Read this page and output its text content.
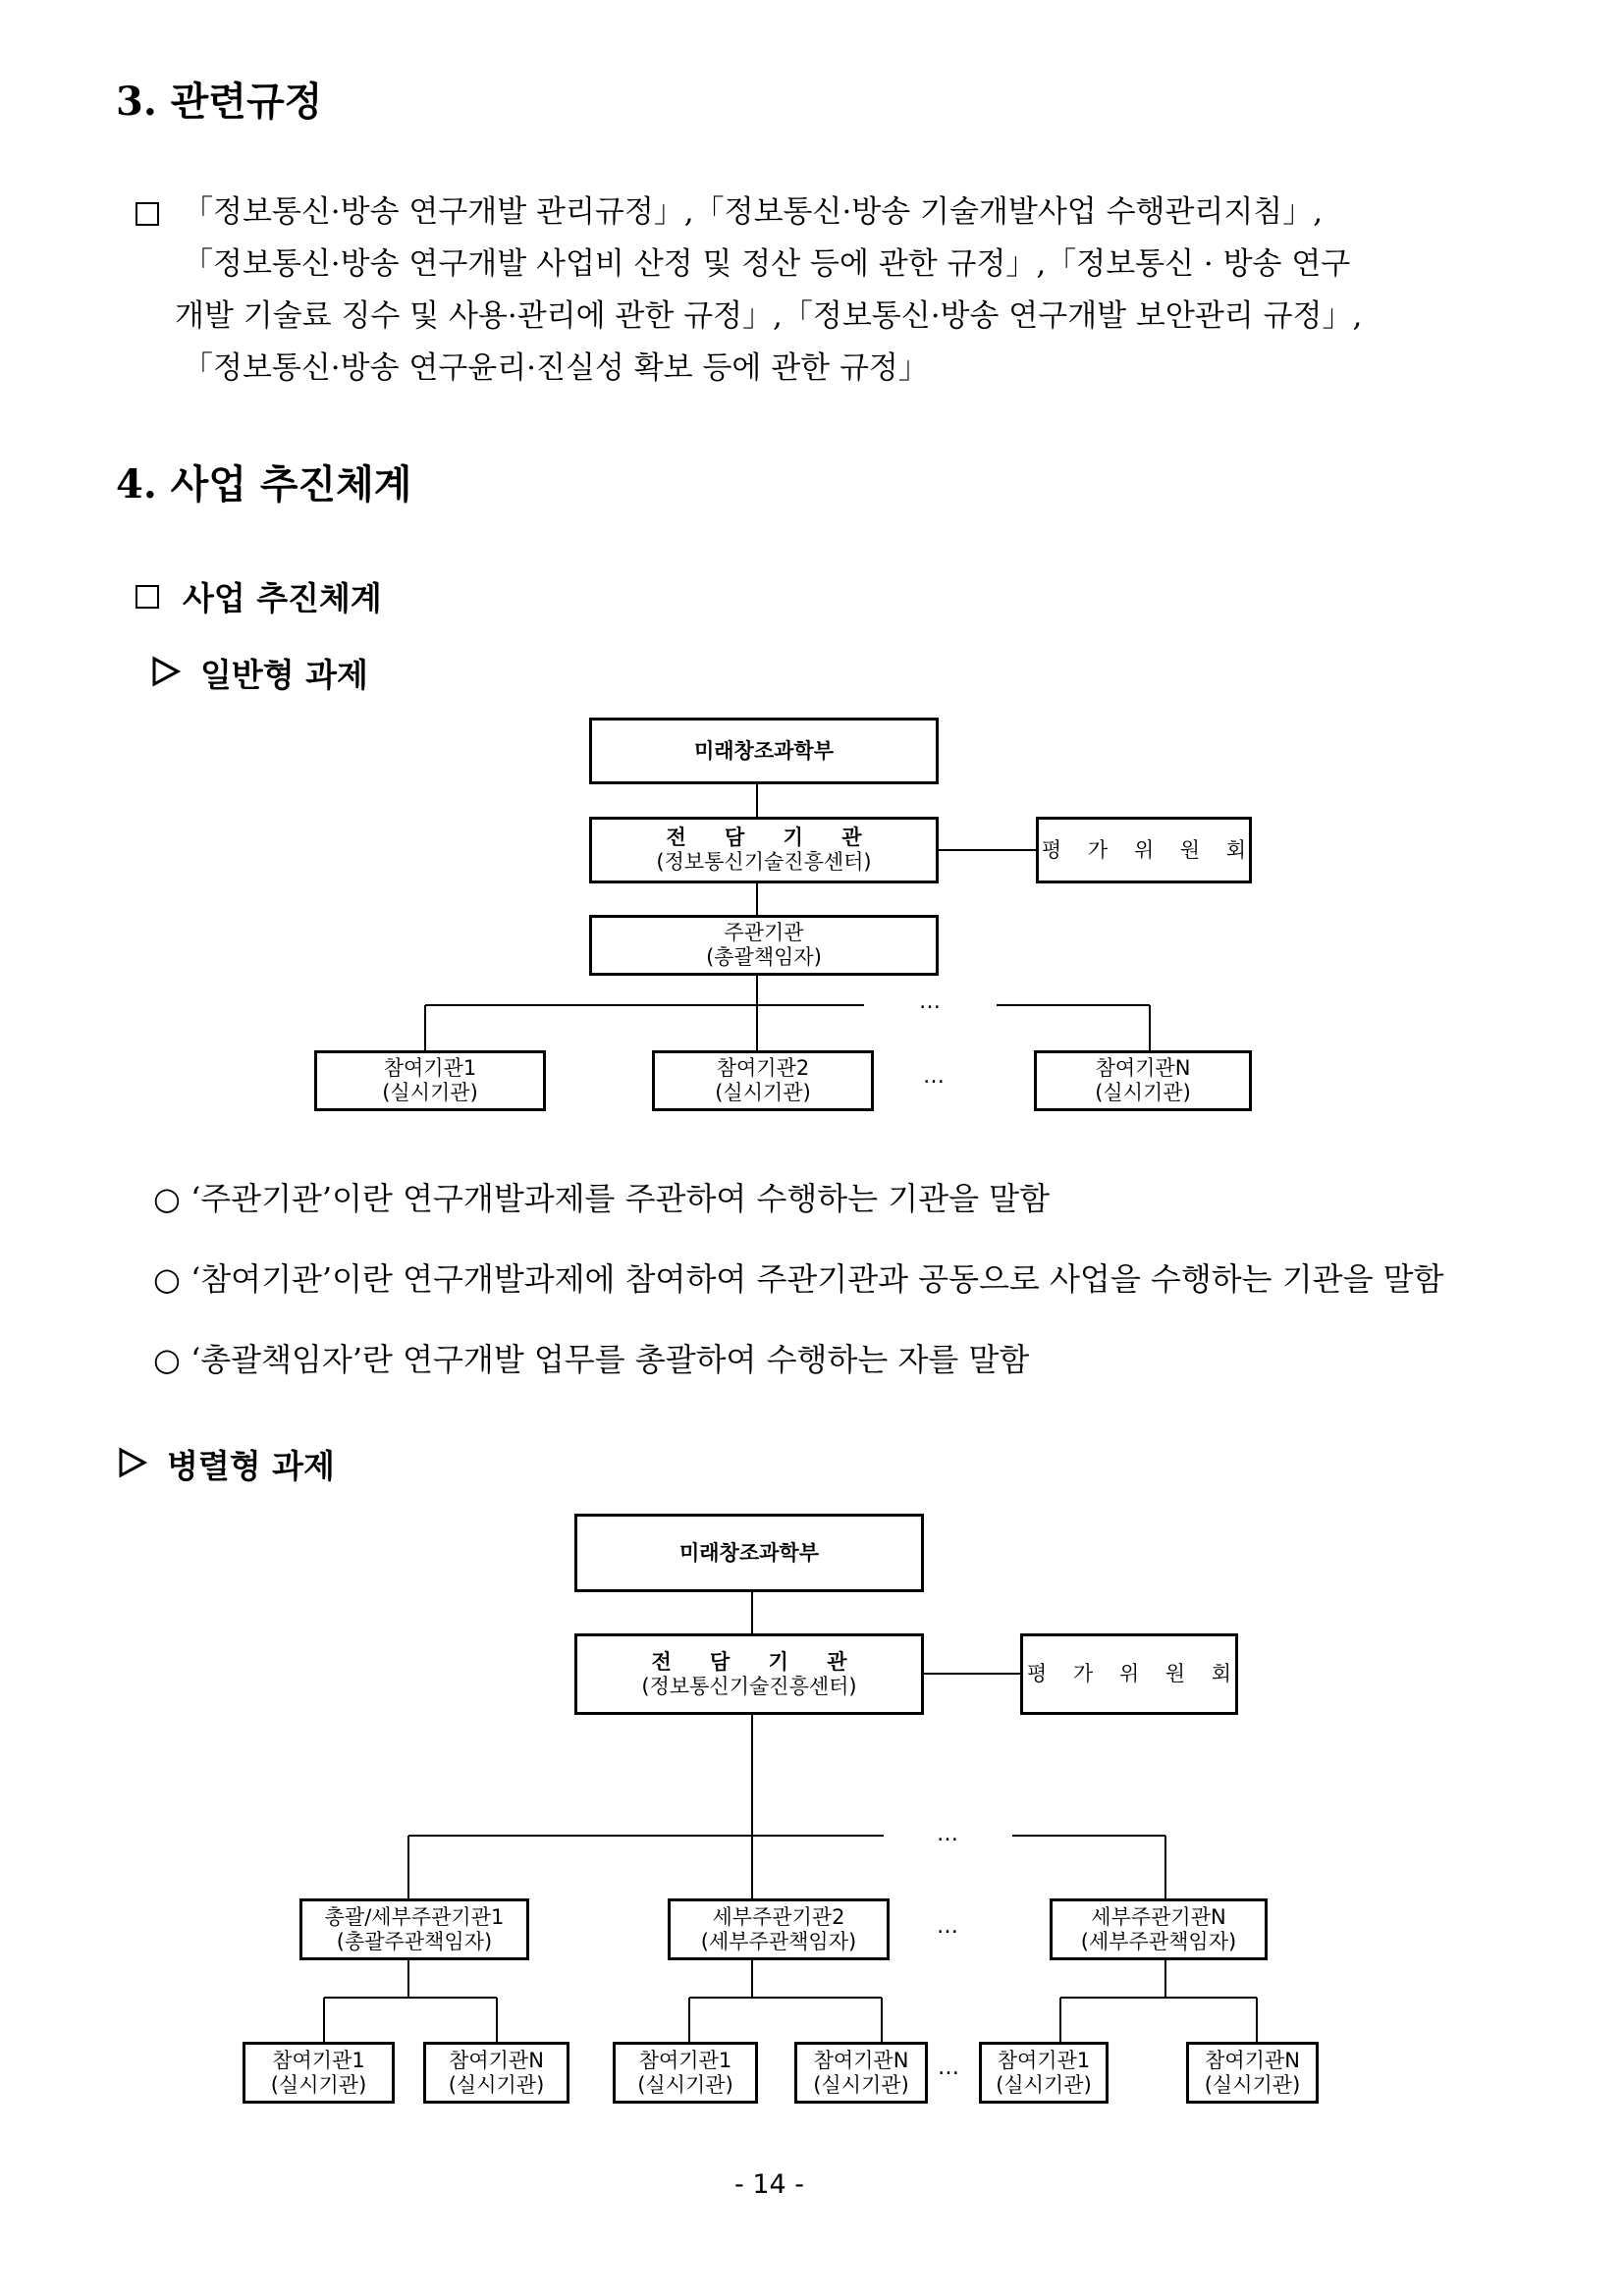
3. 관련규정
「정보통신·방송 연구개발 관리규정」,「정보통신·방송 기술개발사업 수행관리지침」,
「정보통신·방송 연구개발 사업비 산정 및 정산 등에 관한 규정」,「정보통신 · 방송 연구
개발 기술료 징수 및 사용·관리에 관한 규정」,「정보통신·방송 연구개발 보안관리 규정」,
「정보통신·방송 연구윤리·진실성 확보 등에 관한 규정」
4. 사업 추진체계
사업 추진체계
일반형 과제
미래창조과학부
전 담 기 관
(정보통신기술진흥센터)
평 가 위 원 회
주관기관
(총괄책임자)
…
참여기관1
(실시기관)
참여기관2
(실시기관)
…	참여기관N
(실시기관)
○ ‘주관기관’이란 연구개발과제를 주관하여 수행하는 기관을 말함
○ ‘참여기관’이란 연구개발과제에 참여하여 주관기관과 공동으로 사업을 수행하는 기관을 말함
○ ‘총괄책임자’란 연구개발 업무를 총괄하여 수행하는 자를 말함
병렬형 과제
미래창조과학부
전 담 기 관
(정보통신기술진흥센터)
평 가 위 원 회
…
총괄/세부주관기관1
(총괄주관책임자)
세부주관기관2
(세부주관책임자)
…	세부주관기관N
(세부주관책임자)
참여기관1
(실시기관)
참여기관N
(실시기관)
참여기관1
(실시기관)
참여기관N
(실시기관)
… 참여기관1
(실시기관)
참여기관N
(실시기관)
- 14 -
